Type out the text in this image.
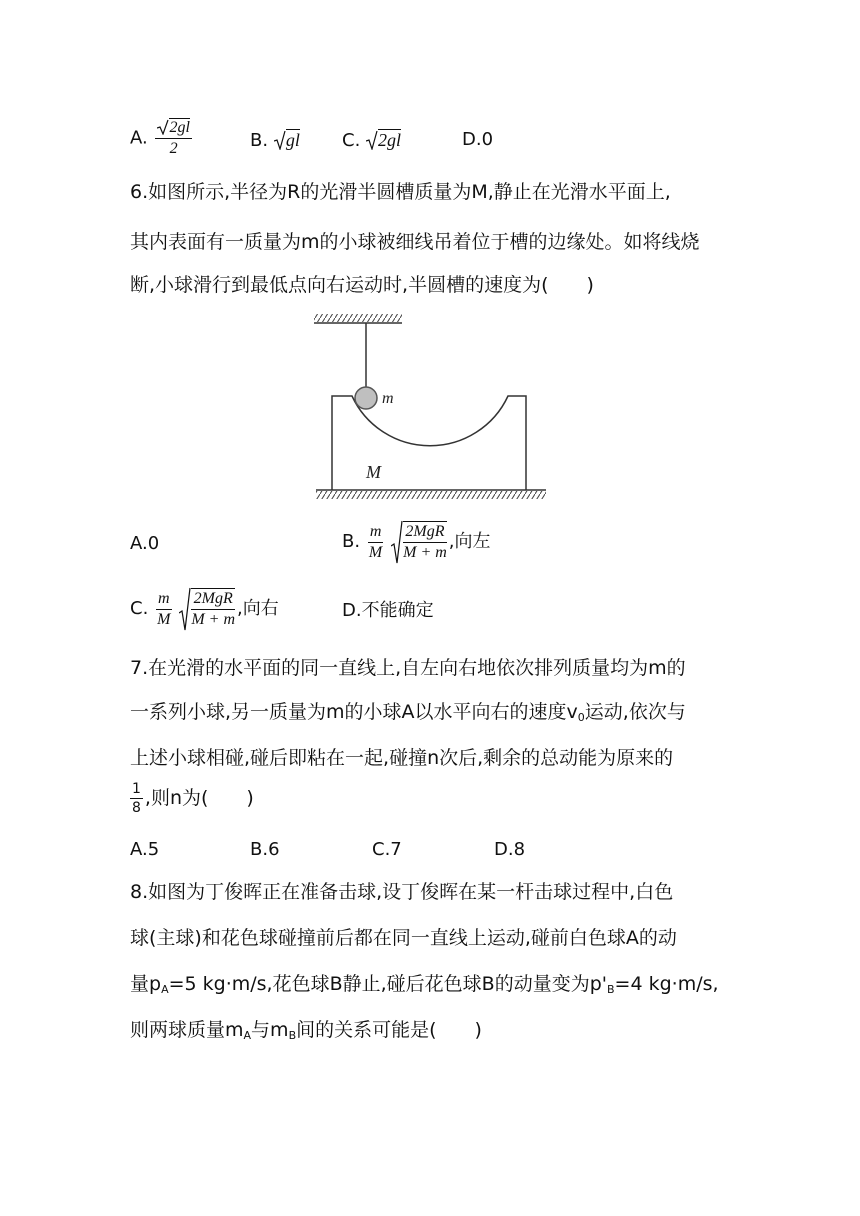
A. $\frac{2gl}{2}$	B. gl C. 2gl	D.0
6.如图所示,半径为R的光滑半圆槽质量为M,静止在光滑水平面上,
其内表面有一质量为m的小球被细线吊着位于槽的边缘处。如将线烧
断,小球滑行到最低点向右运动时,半圆槽的速度为(　　)
m
M
A.0	B. $\frac{m}{M}$
$\frac{\text{2MgR}}{M + m}$ ,向左
C. $\frac{m}{M}$
$\frac{\text{2MgR}}{M + m}$ ,向右	D.不能确定
7.在光滑的水平面的同一直线上,自左向右地依次排列质量均为m的
一系列小球,另一质量为m的小球A以水平向右的速度$v_0$运动,依次与
上述小球相碰,碰后即粘在一起,碰撞n次后,剩余的总动能为原来的
$\frac{1}{8}$ ,则n为(　　)
A.5	B.6	C.7	D.8
8.如图为丁俊晖正在准备击球,设丁俊晖在某一杆击球过程中,白色
球(主球)和花色球碰撞前后都在同一直线上运动,碰前白色球A的动
量$p_A=5$ kg·m/s,花色球B静止,碰后花色球B的动量变为$p'_B=4$ kg·m/s,
则两球质量$m_A$与$m_B$间的关系可能是(　　)
